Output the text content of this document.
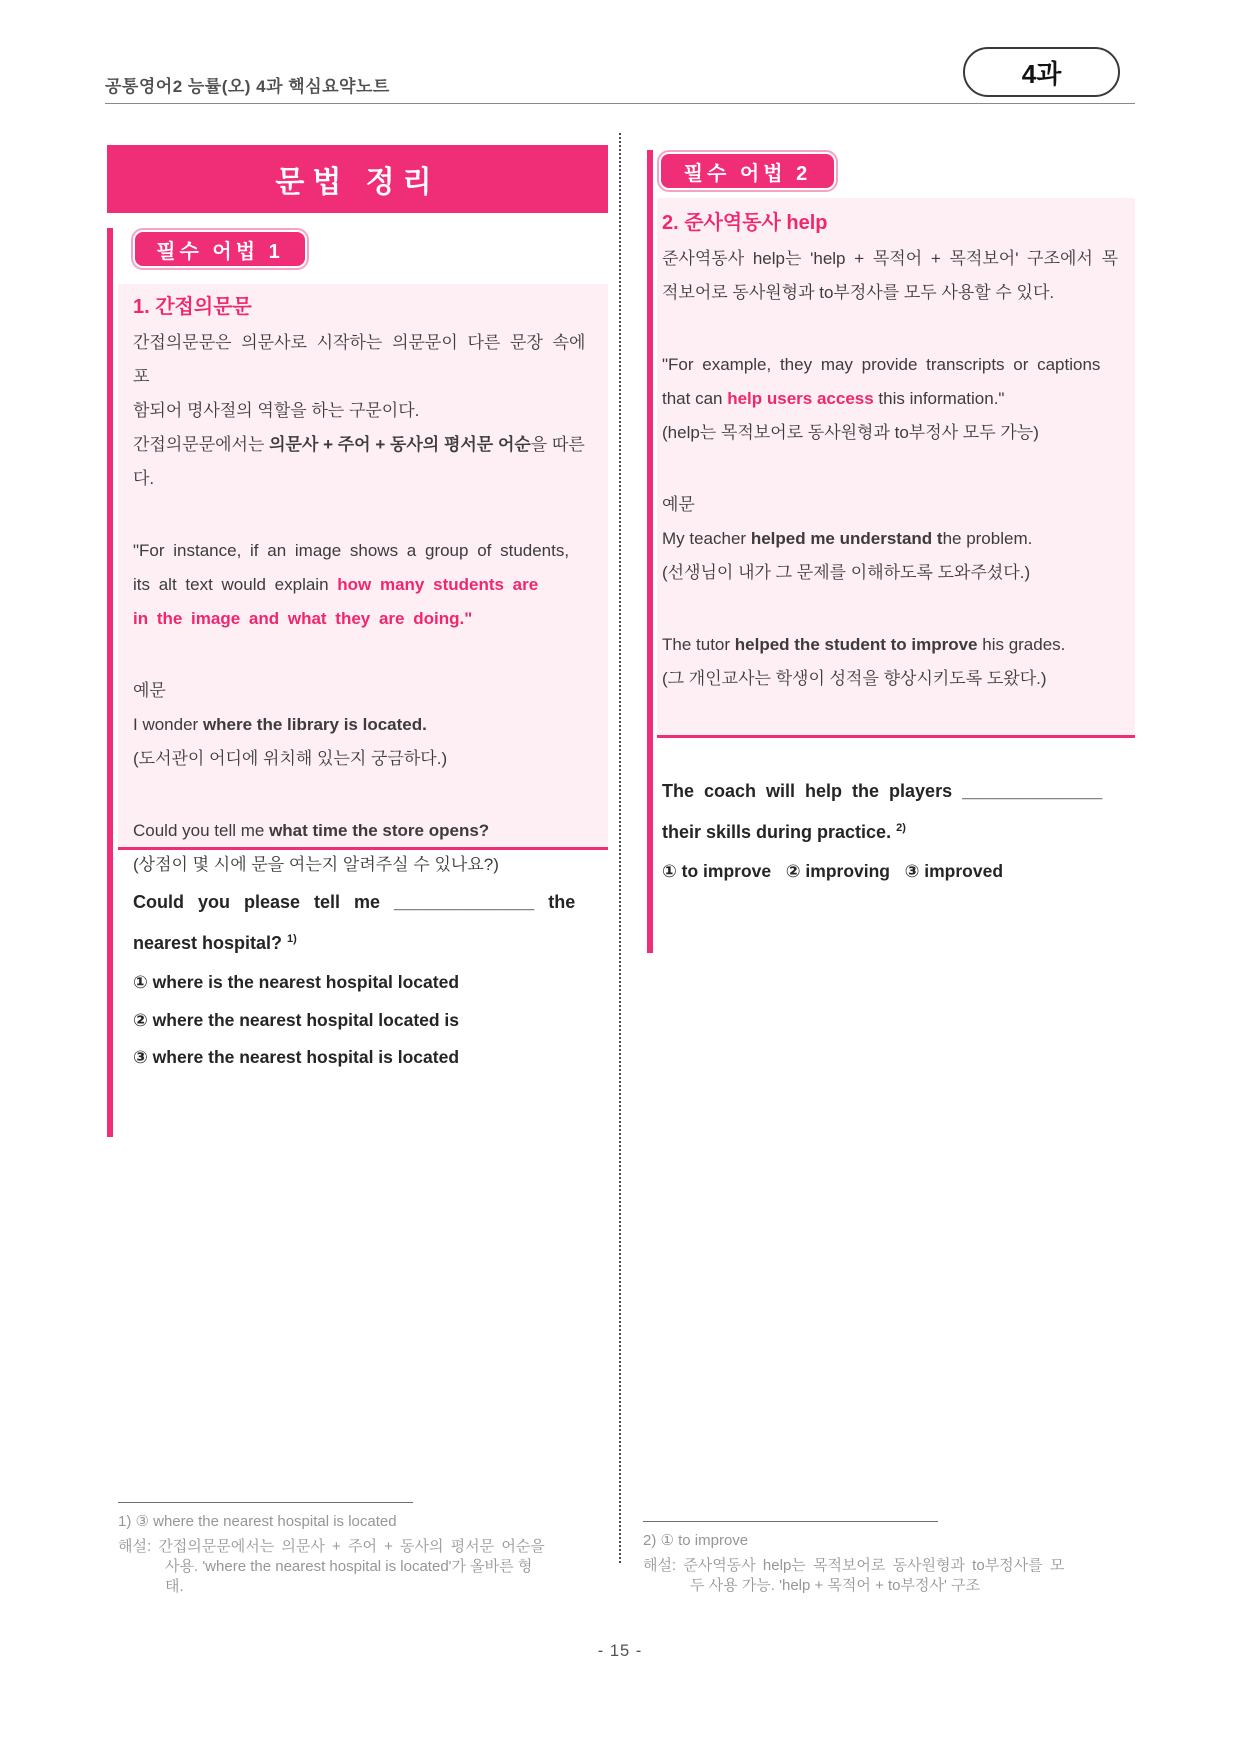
공통영어2 능률(오) 4과 핵심요약노트	4과
문법 정리
필수 어법 1
1. 간접의문문
간접의문문은 의문사로 시작하는 의문문이 다른 문장 속에 포
함되어 명사절의 역할을 하는 구문이다.
간접의문문에서는 의문사 + 주어 + 동사의 평서문 어순을 따른다.
"For instance, if an image shows a group of students,
its alt text would explain how many students are
in the image and what they are doing."
예문
I wonder where the library is located.
(도서관이 어디에 위치해 있는지 궁금하다.)
Could you tell me what time the store opens?
(상점이 몇 시에 문을 여는지 알려주실 수 있나요?)
Could you please tell me ______________ the
nearest hospital? $^{1)}$
① where is the nearest hospital located
② where the nearest hospital located is
③ where the nearest hospital is located
필수 어법 2
2. 준사역동사 help
준사역동사 help는 'help + 목적어 + 목적보어' 구조에서 목
적보어로 동사원형과 to부정사를 모두 사용할 수 있다.
"For example, they may provide transcripts or captions
that can help users access this information."
(help는 목적보어로 동사원형과 to부정사 모두 가능)
예문
My teacher helped me understand the problem.
(선생님이 내가 그 문제를 이해하도록 도와주셨다.)
The tutor helped the student to improve his grades.
(그 개인교사는 학생이 성적을 향상시키도록 도왔다.)
The coach will help the players ______________
their skills during practice. $^{2)}$
① to improve   ② improving   ③ improved
1) ③ where the nearest hospital is located
해설: 간접의문문에서는 의문사 + 주어 + 동사의 평서문 어순을
사용. 'where the nearest hospital is located'가 올바른 형
태.
2) ① to improve
해설: 준사역동사 help는 목적보어로 동사원형과 to부정사를 모
두 사용 가능. 'help + 목적어 + to부정사' 구조
- 15 -
